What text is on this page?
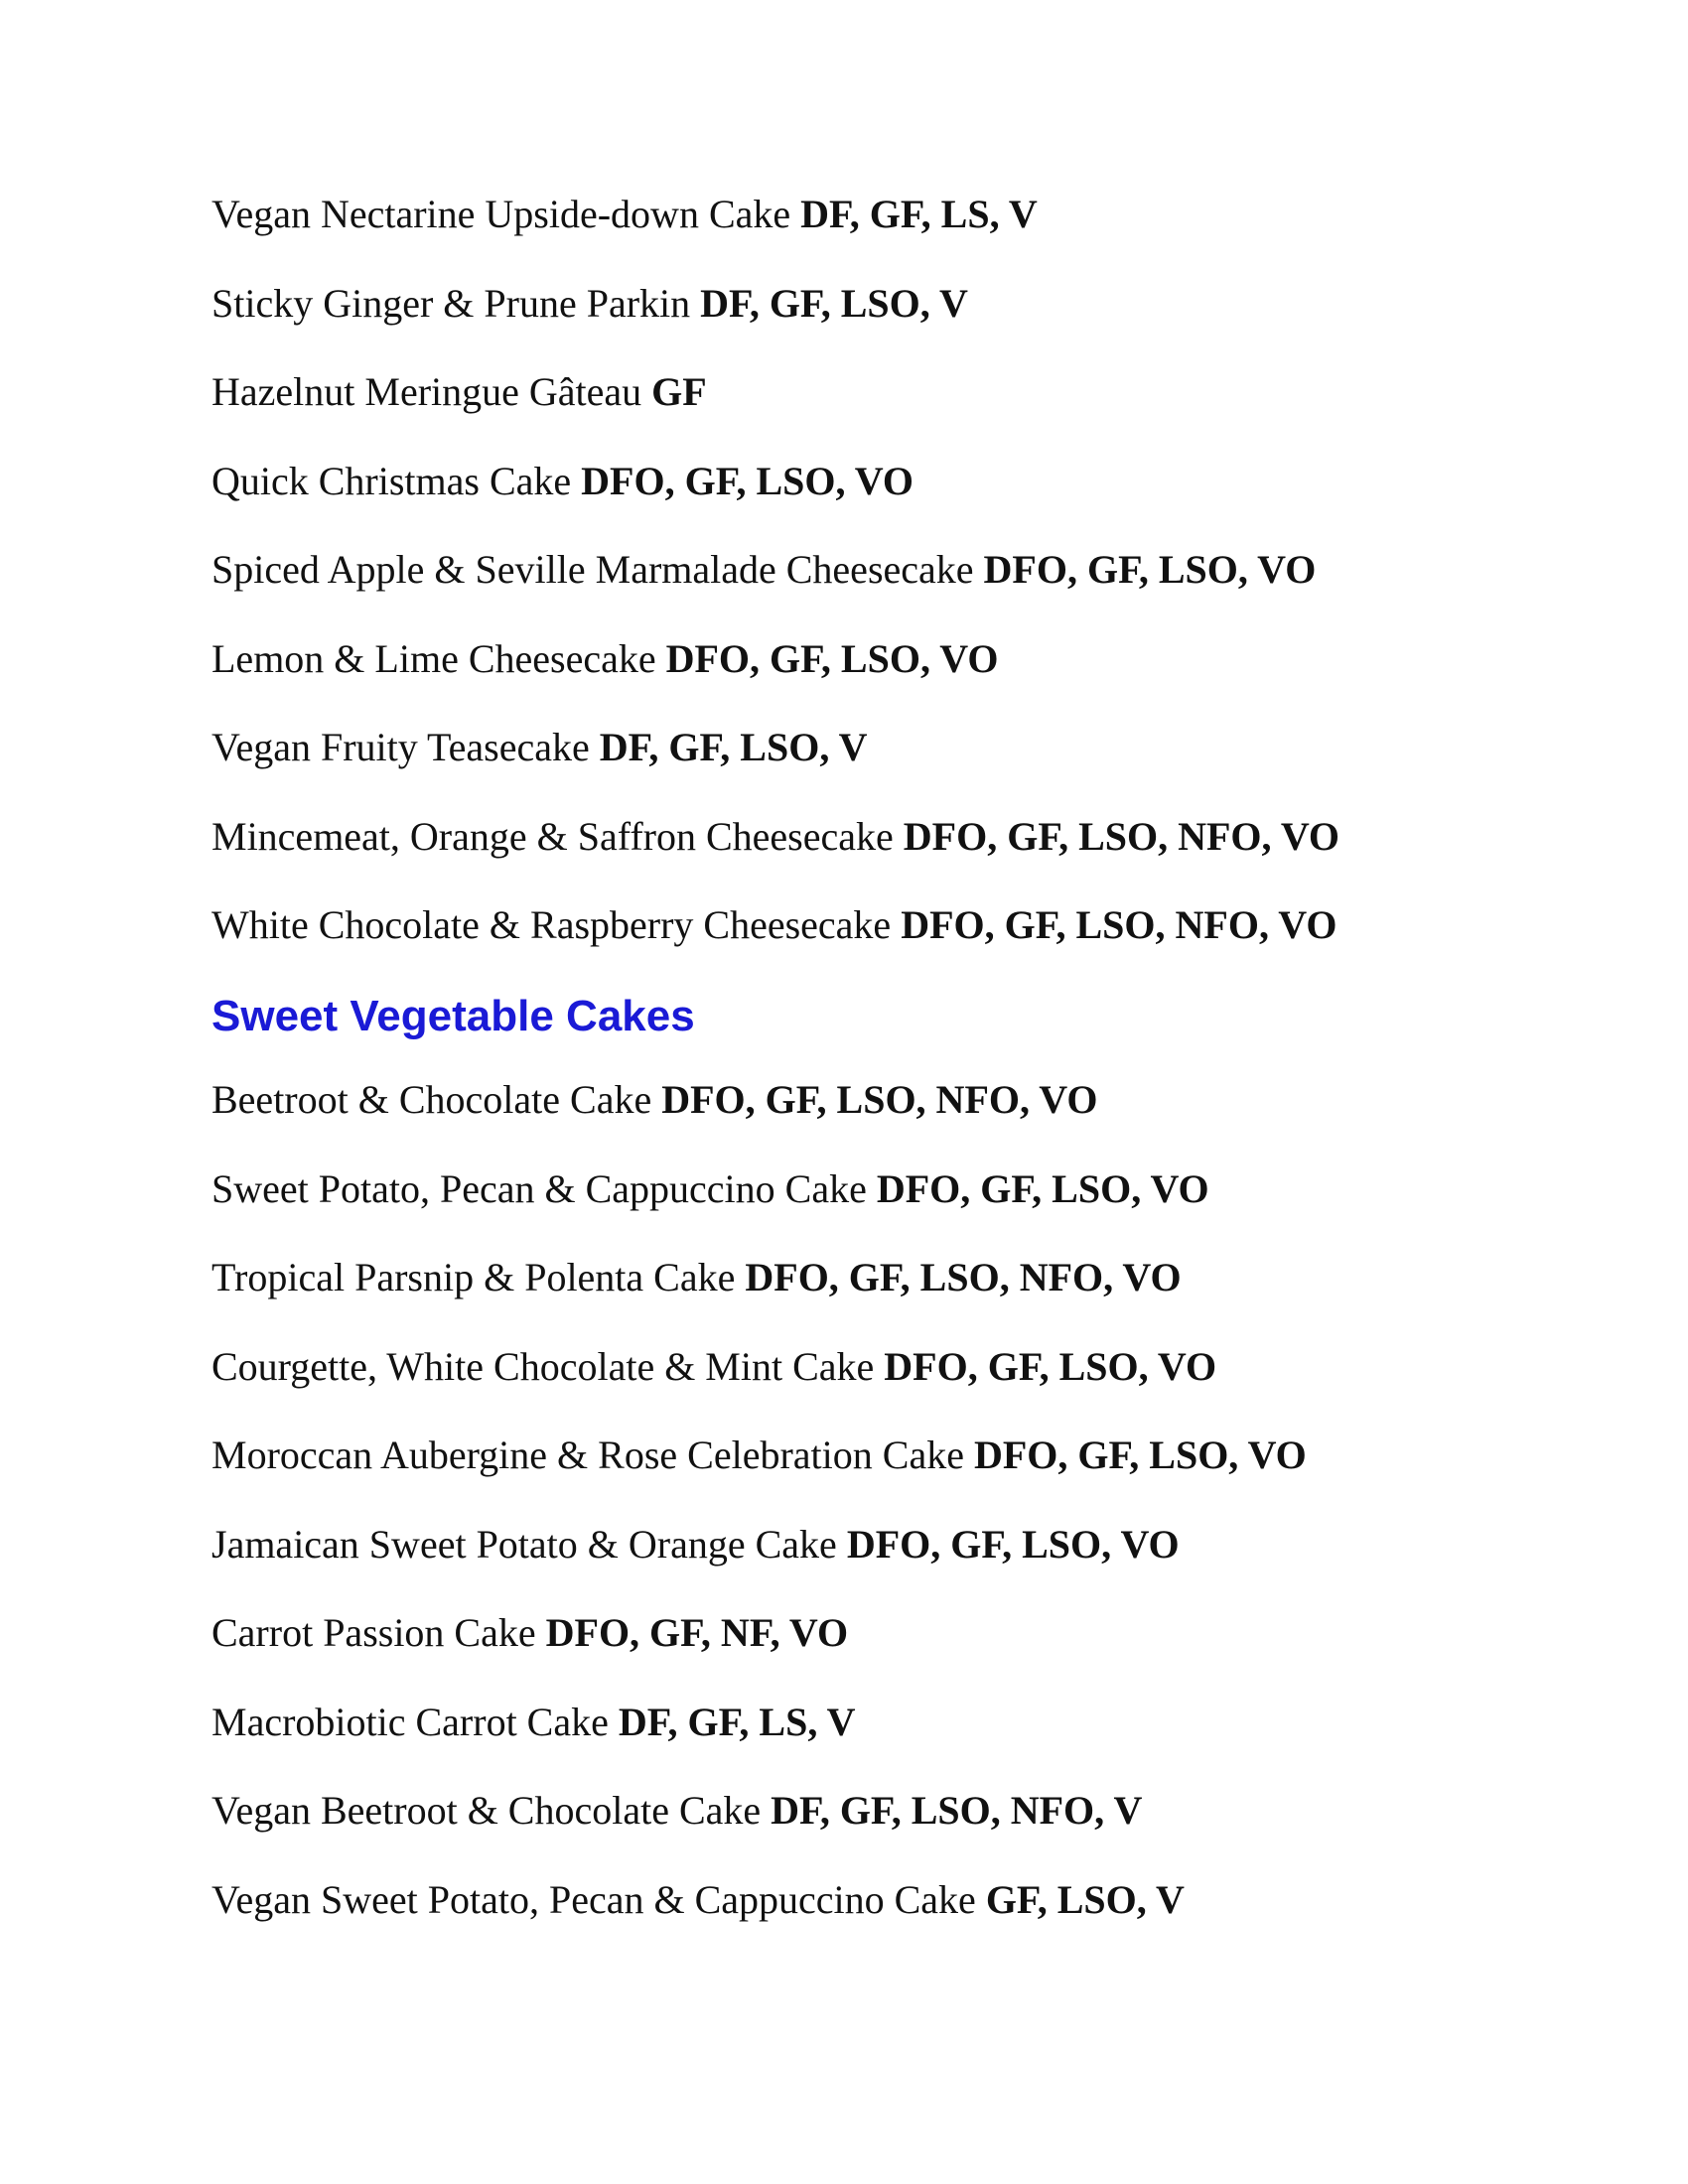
Vegan Nectarine Upside-down Cake DF, GF, LS, V
Sticky Ginger & Prune Parkin DF, GF, LSO, V
Hazelnut Meringue Gâteau GF
Quick Christmas Cake DFO, GF, LSO, VO
Spiced Apple & Seville Marmalade Cheesecake DFO, GF, LSO, VO
Lemon & Lime Cheesecake DFO, GF, LSO, VO
Vegan Fruity Teasecake DF, GF, LSO, V
Mincemeat, Orange & Saffron Cheesecake DFO, GF, LSO, NFO, VO
White Chocolate & Raspberry Cheesecake DFO, GF, LSO, NFO, VO
Sweet Vegetable Cakes
Beetroot & Chocolate Cake DFO, GF, LSO, NFO, VO
Sweet Potato, Pecan & Cappuccino Cake DFO, GF, LSO, VO
Tropical Parsnip & Polenta Cake DFO, GF, LSO, NFO, VO
Courgette, White Chocolate & Mint Cake DFO, GF, LSO, VO
Moroccan Aubergine & Rose Celebration Cake DFO, GF, LSO, VO
Jamaican Sweet Potato & Orange Cake DFO, GF, LSO, VO
Carrot Passion Cake DFO, GF, NF, VO
Macrobiotic Carrot Cake DF, GF, LS, V
Vegan Beetroot & Chocolate Cake DF, GF, LSO, NFO, V
Vegan Sweet Potato, Pecan & Cappuccino Cake GF, LSO, V
